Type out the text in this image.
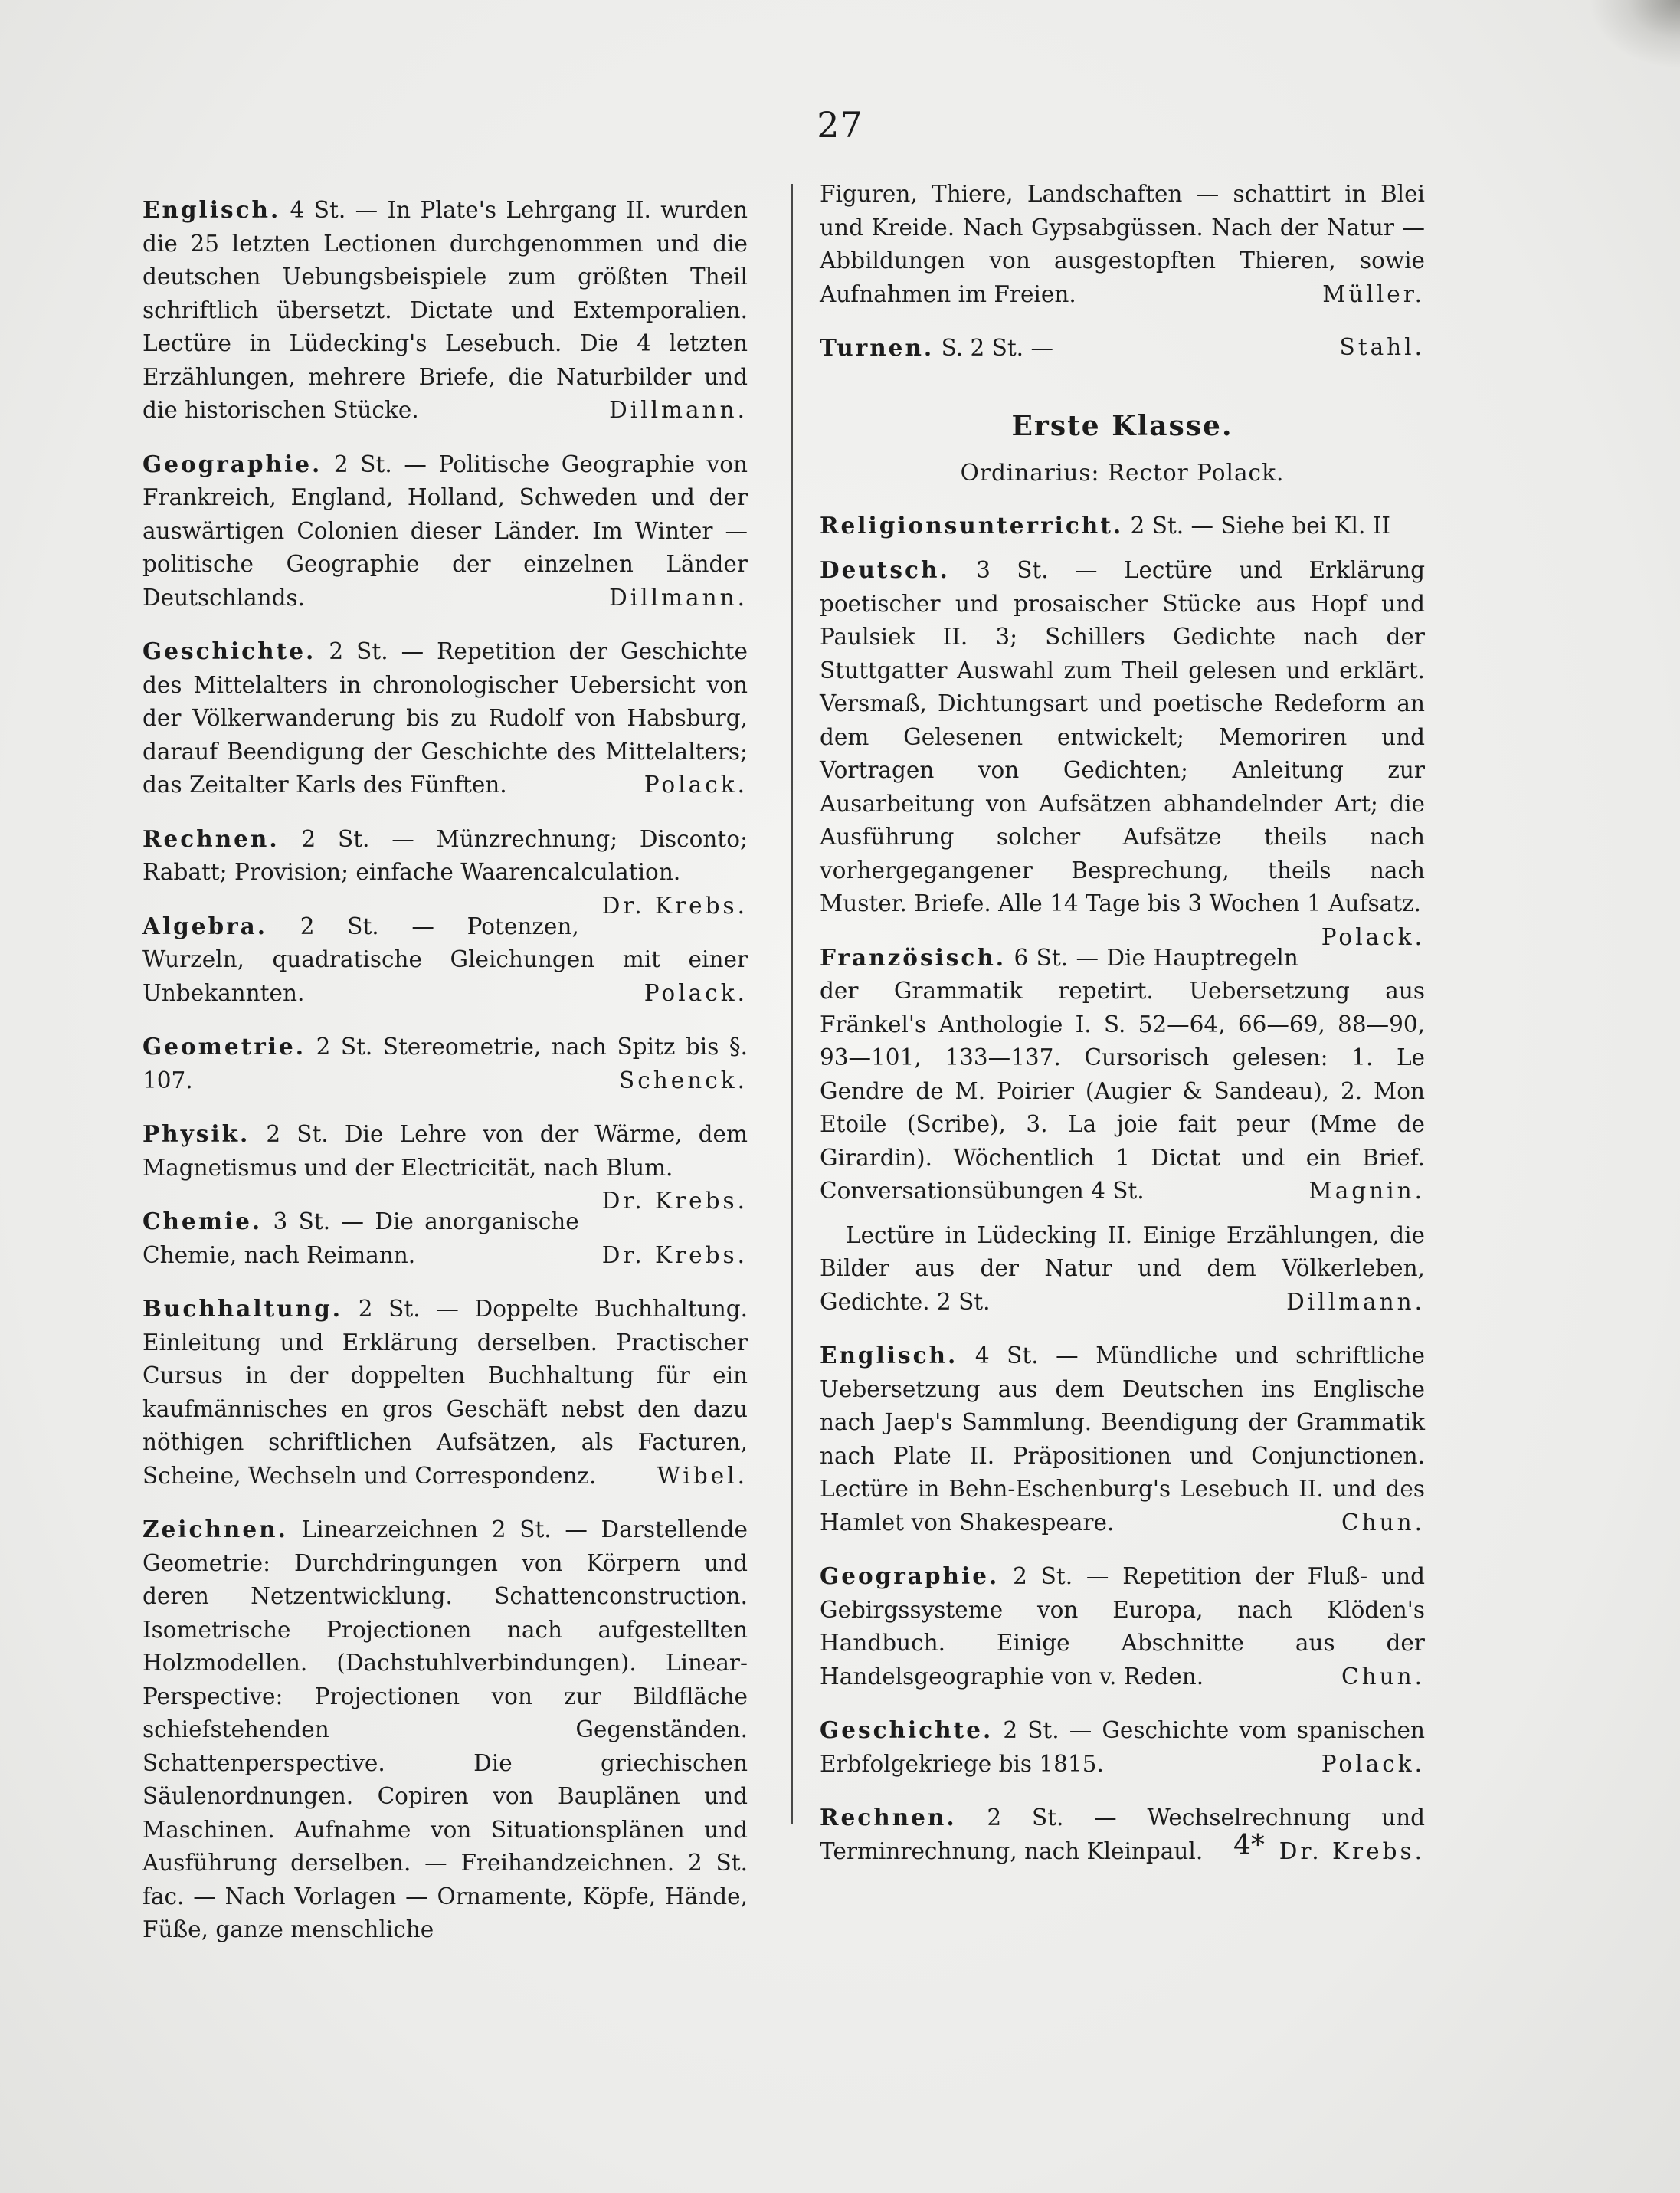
27

Englisch. 4 St. — In Plate's Lehrgang II. wurden die 25 letzten Lectionen durchgenommen und die deutschen Uebungsbeispiele zum größten Theil schriftlich übersetzt. Dictate und Extemporalien. Lectüre in Lüdecking's Lesebuch. Die 4 letzten Erzählungen, mehrere Briefe, die Naturbilder und die historischen Stücke.	Dillmann.

Geographie. 2 St. — Politische Geographie von Frankreich, England, Holland, Schweden und der auswärtigen Colonien dieser Länder. Im Winter — politische Geographie der einzelnen Länder Deutschlands.	Dillmann.

Geschichte. 2 St. — Repetition der Geschichte des Mittelalters in chronologischer Uebersicht von der Völkerwanderung bis zu Rudolf von Habsburg, darauf Beendigung der Geschichte des Mittelalters; das Zeitalter Karls des Fünften.	Polack.

Rechnen. 2 St. — Münzrechnung; Disconto; Rabatt; Provision; einfache Waarencalculation.
Dr. Krebs.

Algebra. 2 St. — Potenzen, Wurzeln, quadratische Gleichungen mit einer Unbekannten.	Polack.

Geometrie. 2 St. Stereometrie, nach Spitz bis §. 107.	Schenck.

Physik. 2 St. Die Lehre von der Wärme, dem Magnetismus und der Electricität, nach Blum.
Dr. Krebs.

Chemie. 3 St. — Die anorganische Chemie, nach Reimann.	Dr. Krebs.

Buchhaltung. 2 St. — Doppelte Buchhaltung. Einleitung und Erklärung derselben. Practischer Cursus in der doppelten Buchhaltung für ein kaufmännisches en gros Geschäft nebst den dazu nöthigen schriftlichen Aufsätzen, als Facturen, Scheine, Wechseln und Correspondenz.	Wibel.

Zeichnen. Linearzeichnen 2 St. — Darstellende Geometrie: Durchdringungen von Körpern und deren Netzentwicklung. Schattenconstruction. Isometrische Projectionen nach aufgestellten Holzmodellen. (Dachstuhlverbindungen). Linear-Perspective: Projectionen von zur Bildfläche schiefstehenden Gegenständen. Schattenperspective. Die griechischen Säulenordnungen. Copiren von Bauplänen und Maschinen. Aufnahme von Situationsplänen und Ausführung derselben. — Freihandzeichnen. 2 St. fac. — Nach Vorlagen — Ornamente, Köpfe, Hände, Füße, ganze menschliche

Figuren, Thiere, Landschaften — schattirt in Blei und Kreide. Nach Gypsabgüssen. Nach der Natur — Abbildungen von ausgestopften Thieren, sowie Aufnahmen im Freien.	Müller.

Turnen. S. 2 St. —	Stahl.

Erste Klasse.
Ordinarius: Rector Polack.

Religionsunterricht. 2 St. — Siehe bei Kl. II

Deutsch. 3 St. — Lectüre und Erklärung poetischer und prosaischer Stücke aus Hopf und Paulsiek II. 3; Schillers Gedichte nach der Stuttgatter Auswahl zum Theil gelesen und erklärt. Versmaß, Dichtungsart und poetische Redeform an dem Gelesenen entwickelt; Memoriren und Vortragen von Gedichten; Anleitung zur Ausarbeitung von Aufsätzen abhandelnder Art; die Ausführung solcher Aufsätze theils nach vorhergegangener Besprechung, theils nach Muster. Briefe. Alle 14 Tage bis 3 Wochen 1 Aufsatz.
Polack.

Französisch. 6 St. — Die Hauptregeln der Grammatik repetirt. Uebersetzung aus Fränkel's Anthologie I. S. 52—64, 66—69, 88—90, 93—101, 133—137. Cursorisch gelesen: 1. Le Gendre de M. Poirier (Augier & Sandeau), 2. Mon Etoile (Scribe), 3. La joie fait peur (Mme de Girardin). Wöchentlich 1 Dictat und ein Brief. Conversationsübungen 4 St.	Magnin.

Lectüre in Lüdecking II. Einige Erzählungen, die Bilder aus der Natur und dem Völkerleben, Gedichte. 2 St.	Dillmann.

Englisch. 4 St. — Mündliche und schriftliche Uebersetzung aus dem Deutschen ins Englische nach Jaep's Sammlung. Beendigung der Grammatik nach Plate II. Präpositionen und Conjunctionen. Lectüre in Behn-Eschenburg's Lesebuch II. und des Hamlet von Shakespeare.	Chun.

Geographie. 2 St. — Repetition der Fluß- und Gebirgssysteme von Europa, nach Klöden's Handbuch. Einige Abschnitte aus der Handelsgeographie von v. Reden.	Chun.

Geschichte. 2 St. — Geschichte vom spanischen Erbfolgekriege bis 1815.	Polack.

Rechnen. 2 St. — Wechselrechnung und Terminrechnung, nach Kleinpaul.	Dr. Krebs.

4*
